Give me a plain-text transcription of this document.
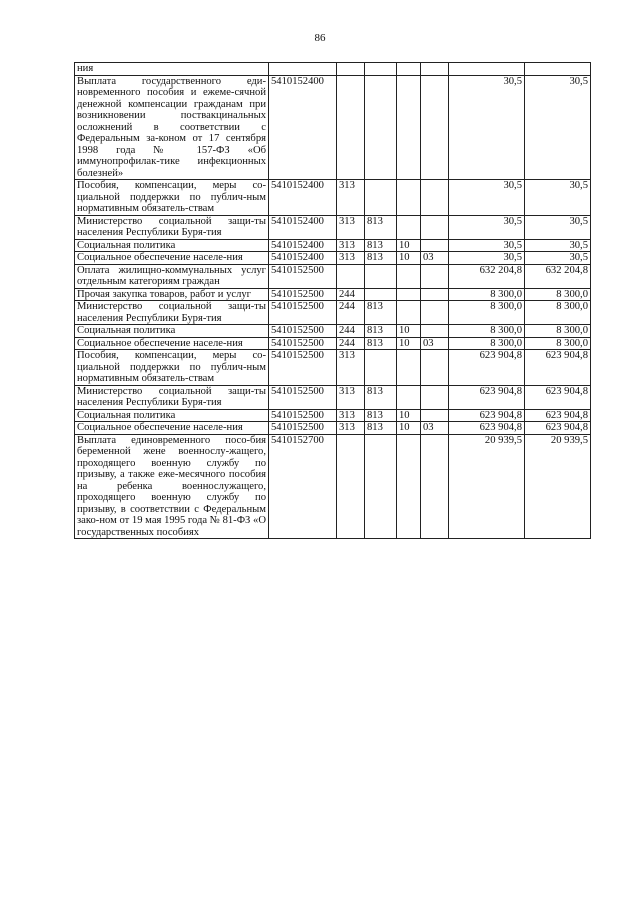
86
ния							
Выплата государственного еди-новременного пособия и ежеме-сячной денежной компенсации гражданам при возникновении поствакцинальных осложнений в соответствии с Федеральным за-коном от 17 сентября 1998 года № 157-ФЗ «Об иммунопрофилак-тике инфекционных болезней»	5410152400					30,5	30,5
Пособия, компенсации, меры со-циальной поддержки по публич-ным нормативным обязатель-ствам	5410152400	313				30,5	30,5
Министерство социальной защи-ты населения Республики Буря-тия	5410152400	313	813			30,5	30,5
Социальная политика	5410152400	313	813	10		30,5	30,5
Социальное обеспечение населе-ния	5410152400	313	813	10	03	30,5	30,5
Оплата жилищно-коммунальных услуг отдельным категориям граждан	5410152500					632 204,8	632 204,8
Прочая закупка товаров, работ и услуг	5410152500	244				8 300,0	8 300,0
Министерство социальной защи-ты населения Республики Буря-тия	5410152500	244	813			8 300,0	8 300,0
Социальная политика	5410152500	244	813	10		8 300,0	8 300,0
Социальное обеспечение населе-ния	5410152500	244	813	10	03	8 300,0	8 300,0
Пособия, компенсации, меры со-циальной поддержки по публич-ным нормативным обязатель-ствам	5410152500	313				623 904,8	623 904,8
Министерство социальной защи-ты населения Республики Буря-тия	5410152500	313	813			623 904,8	623 904,8
Социальная политика	5410152500	313	813	10		623 904,8	623 904,8
Социальное обеспечение населе-ния	5410152500	313	813	10	03	623 904,8	623 904,8
Выплата единовременного посо-бия беременной жене военнослу-жащего, проходящего военную службу по призыву, а также еже-месячного пособия на ребенка военнослужащего, проходящего военную службу по призыву, в соответствии с Федеральным зако-ном от 19 мая 1995 года № 81-ФЗ «О государственных пособиях	5410152700					20 939,5	20 939,5
